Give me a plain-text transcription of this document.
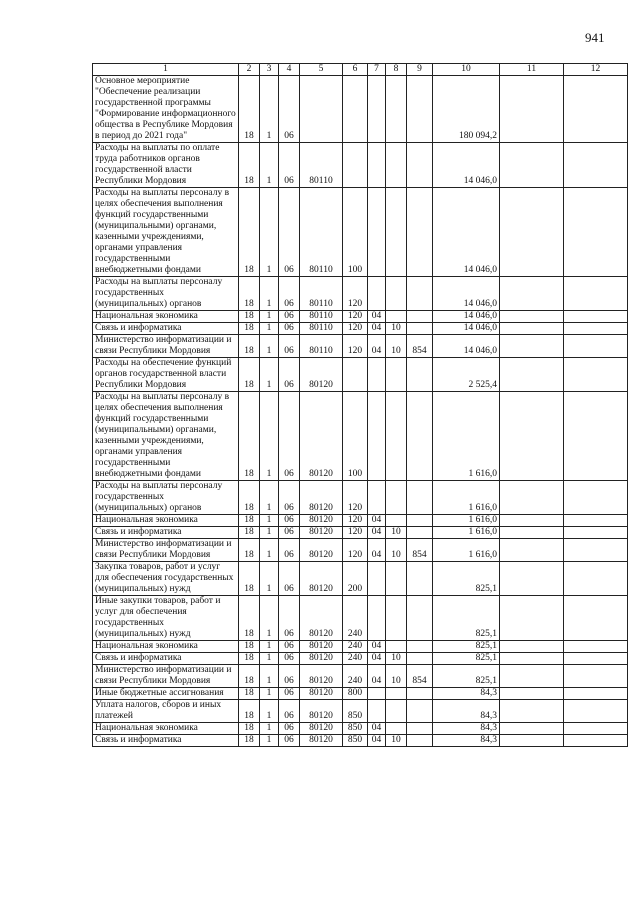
941
1	2	3	4	5	6	7	8	9	10	11	12
Основное мероприятие "Обеспечение реализации государственной программы "Формирование информационного общества в Республике Мордовия в период до 2021 года"	18	1	06						180 094,2		
Расходы на выплаты по оплате труда работников органов государственной власти Республики Мордовия	18	1	06	80110					14 046,0		
Расходы на выплаты персоналу в целях обеспечения выполнения функций государственными (муниципальными) органами, казенными учреждениями, органами управления государственными внебюджетными фондами	18	1	06	80110	100				14 046,0		
Расходы на выплаты персоналу государственных (муниципальных) органов	18	1	06	80110	120				14 046,0		
Национальная экономика	18	1	06	80110	120	04			14 046,0		
Связь и информатика	18	1	06	80110	120	04	10		14 046,0		
Министерство информатизации и связи Республики Мордовия	18	1	06	80110	120	04	10	854	14 046,0		
Расходы на обеспечение функций органов государственной власти Республики Мордовия	18	1	06	80120					2 525,4		
Расходы на выплаты персоналу в целях обеспечения выполнения функций государственными (муниципальными) органами, казенными учреждениями, органами управления государственными внебюджетными фондами	18	1	06	80120	100				1 616,0		
Расходы на выплаты персоналу государственных (муниципальных) органов	18	1	06	80120	120				1 616,0		
Национальная экономика	18	1	06	80120	120	04			1 616,0		
Связь и информатика	18	1	06	80120	120	04	10		1 616,0		
Министерство информатизации и связи Республики Мордовия	18	1	06	80120	120	04	10	854	1 616,0		
Закупка товаров, работ и услуг для обеспечения государственных (муниципальных) нужд	18	1	06	80120	200				825,1		
Иные закупки товаров, работ и услуг для обеспечения государственных (муниципальных) нужд	18	1	06	80120	240				825,1		
Национальная экономика	18	1	06	80120	240	04			825,1		
Связь и информатика	18	1	06	80120	240	04	10		825,1		
Министерство информатизации и связи Республики Мордовия	18	1	06	80120	240	04	10	854	825,1		
Иные бюджетные ассигнования	18	1	06	80120	800				84,3		
Уплата налогов, сборов и иных платежей	18	1	06	80120	850				84,3		
Национальная экономика	18	1	06	80120	850	04			84,3		
Связь и информатика	18	1	06	80120	850	04	10		84,3		
